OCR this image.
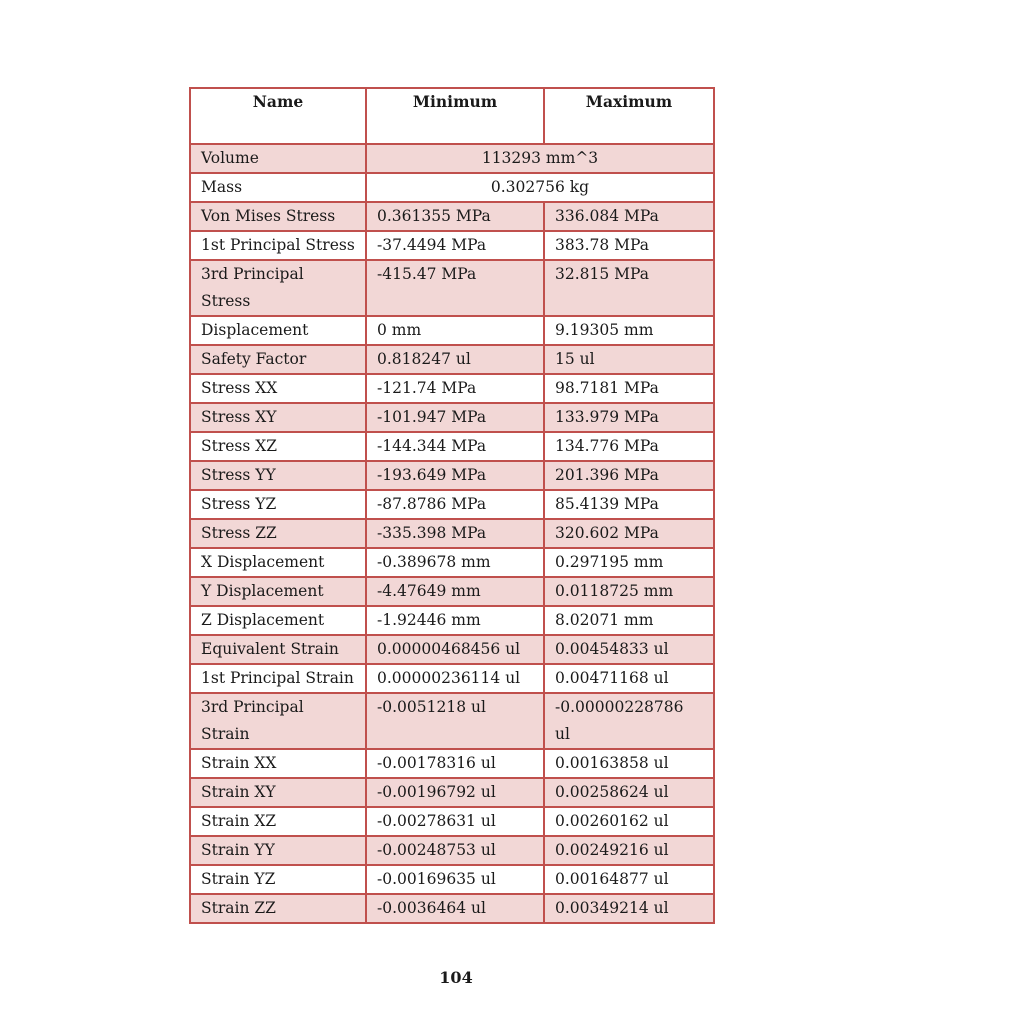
Name	Minimum	Maximum
Volume	113293 mm^3	
Mass	0.302756 kg	
Von Mises Stress	0.361355 MPa	336.084 MPa
1st Principal Stress	-37.4494 MPa	383.78 MPa
3rd Principal Stress	-415.47 MPa	32.815 MPa
Displacement	0 mm	9.19305 mm
Safety Factor	0.818247 ul	15 ul
Stress XX	-121.74 MPa	98.7181 MPa
Stress XY	-101.947 MPa	133.979 MPa
Stress XZ	-144.344 MPa	134.776 MPa
Stress YY	-193.649 MPa	201.396 MPa
Stress YZ	-87.8786 MPa	85.4139 MPa
Stress ZZ	-335.398 MPa	320.602 MPa
X Displacement	-0.389678 mm	0.297195 mm
Y Displacement	-4.47649 mm	0.0118725 mm
Z Displacement	-1.92446 mm	8.02071 mm
Equivalent Strain	0.00000468456 ul	0.00454833 ul
1st Principal Strain	0.00000236114 ul	0.00471168 ul
3rd Principal Strain	-0.0051218 ul	-0.00000228786 ul
Strain XX	-0.00178316 ul	0.00163858 ul
Strain XY	-0.00196792 ul	0.00258624 ul
Strain XZ	-0.00278631 ul	0.00260162 ul
Strain YY	-0.00248753 ul	0.00249216 ul
Strain YZ	-0.00169635 ul	0.00164877 ul
Strain ZZ	-0.0036464 ul	0.00349214 ul
104
